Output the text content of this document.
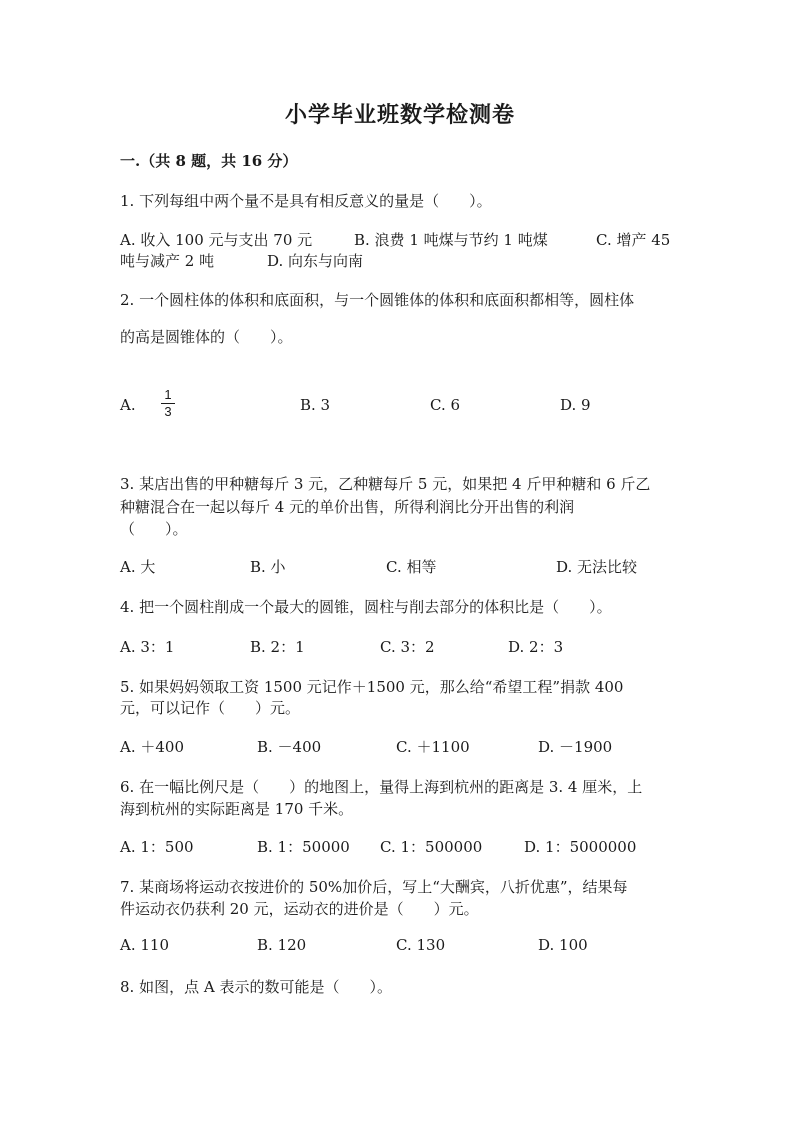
小学毕业班数学检测卷
一.（共 8 题，共 16 分）
1. 下列每组中两个量不是具有相反意义的量是（　　）。
A. 收入 100 元与支出 70 元	B. 浪费 1 吨煤与节约 1 吨煤	C. 增产 45
吨与减产 2 吨	D. 向东与向南
2. 一个圆柱体的体积和底面积，与一个圆锥体的体积和底面积都相等，圆柱体
的高是圆锥体的（　　）。
A.
1
3	B. 3	C. 6	D. 9
3. 某店出售的甲种糖每斤 3 元，乙种糖每斤 5 元，如果把 4 斤甲种糖和 6 斤乙
种糖混合在一起以每斤 4 元的单价出售，所得利润比分开出售的利润
（　　）。
A. 大	B. 小	C. 相等	D. 无法比较
4. 把一个圆柱削成一个最大的圆锥，圆柱与削去部分的体积比是（　　）。
A. 3：1	B. 2：1	C. 3：2	D. 2：3
5. 如果妈妈领取工资 1500 元记作＋1500 元，那么给“希望工程”捐款 400
元，可以记作（　　）元。
A. ＋400	B. －400	C. ＋1100	D. －1900
6. 在一幅比例尺是（　　）的地图上，量得上海到杭州的距离是 3. 4 厘米，上
海到杭州的实际距离是 170 千米。
A. 1：500	B. 1：50000 C. 1：500000	D. 1：5000000
7. 某商场将运动衣按进价的 50%加价后，写上“大酬宾，八折优惠”，结果每
件运动衣仍获利 20 元，运动衣的进价是（　　）元。
A. 110	B. 120	C. 130	D. 100
8. 如图，点 A 表示的数可能是（　　）。
